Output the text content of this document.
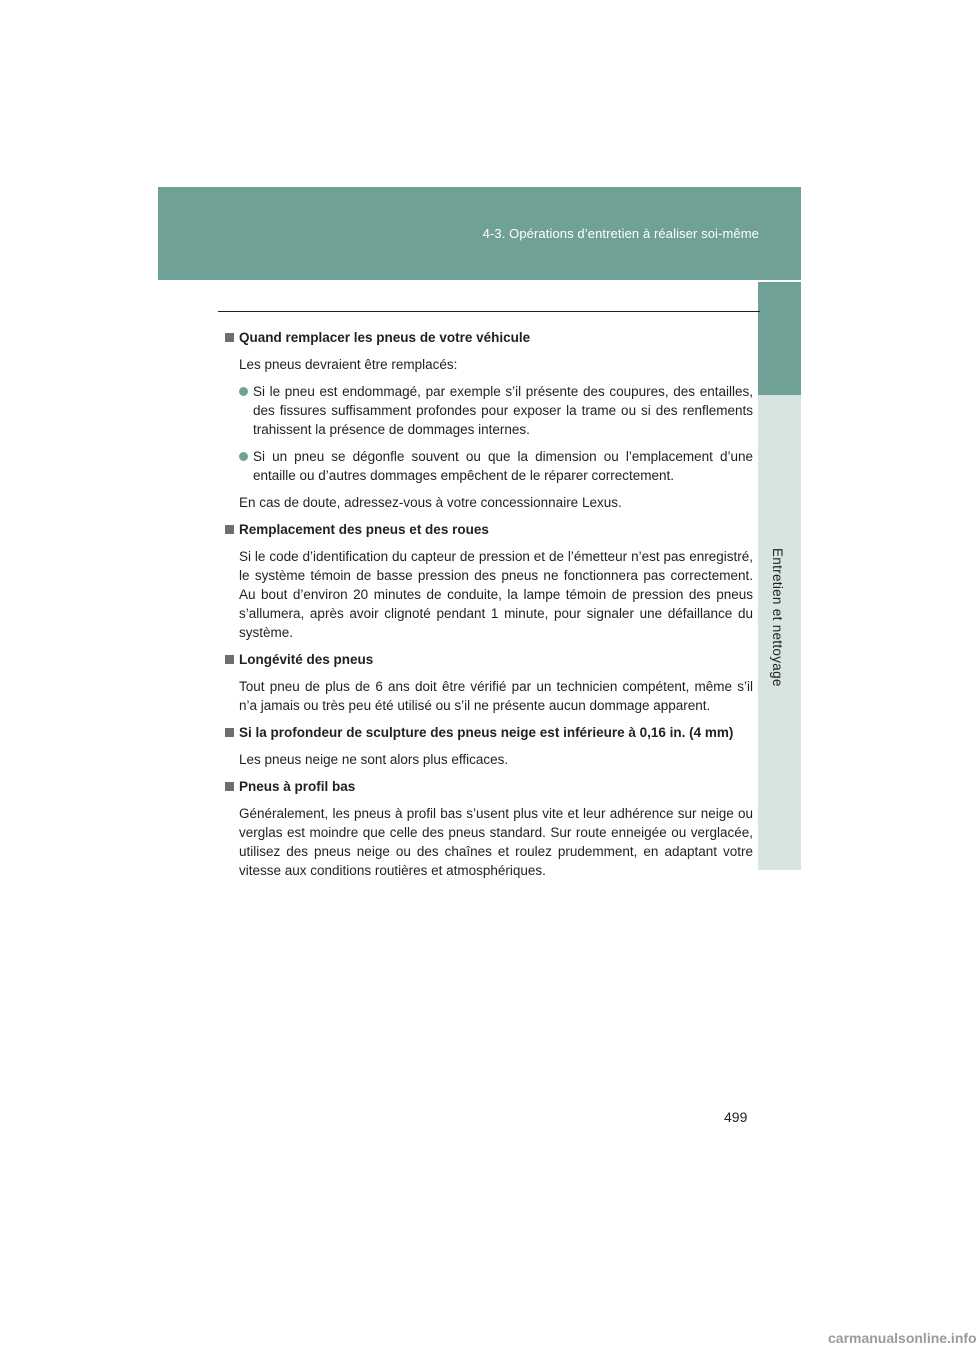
4-3. Opérations d’entretien à réaliser soi-même
Entretien et nettoyage

Quand remplacer les pneus de votre véhicule

Les pneus devraient être remplacés:

Si le pneu est endommagé, par exemple s’il présente des coupures, des entailles, des fissures suffisamment profondes pour exposer la trame ou si des renflements trahissent la présence de dommages internes.

Si un pneu se dégonfle souvent ou que la dimension ou l’emplacement d’une entaille ou d’autres dommages empêchent de le réparer correctement.

En cas de doute, adressez-vous à votre concessionnaire Lexus.

Remplacement des pneus et des roues

Si le code d’identification du capteur de pression et de l’émetteur n’est pas enregistré, le système témoin de basse pression des pneus ne fonctionnera pas correctement. Au bout d’environ 20 minutes de conduite, la lampe témoin de pression des pneus s’allumera, après avoir clignoté pendant 1 minute, pour signaler une défaillance du système.

Longévité des pneus

Tout pneu de plus de 6 ans doit être vérifié par un technicien compétent, même s’il n’a jamais ou très peu été utilisé ou s’il ne présente aucun dommage apparent.

Si la profondeur de sculpture des pneus neige est inférieure à 0,16 in. (4 mm)

Les pneus neige ne sont alors plus efficaces.

Pneus à profil bas

Généralement, les pneus à profil bas s’usent plus vite et leur adhérence sur neige ou verglas est moindre que celle des pneus standard. Sur route enneigée ou verglacée, utilisez des pneus neige ou des chaînes et roulez prudemment, en adaptant votre vitesse aux conditions routières et atmosphériques.

499
carmanualsonline.info
